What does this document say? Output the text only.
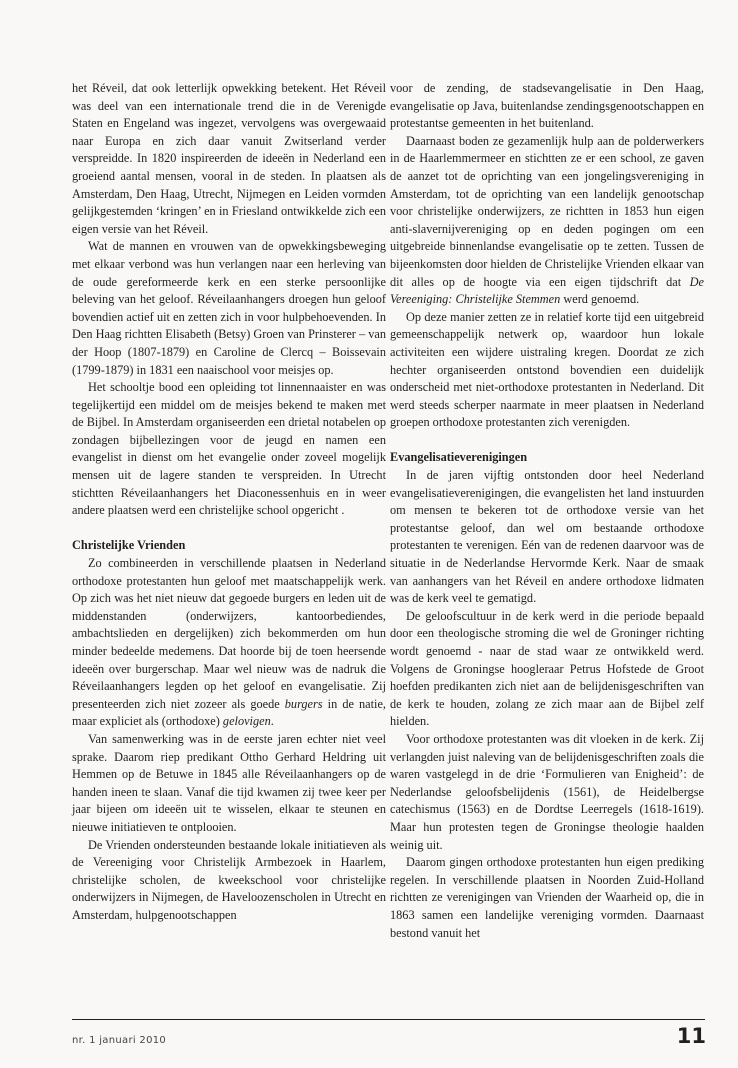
het Réveil, dat ook letterlijk opwekking betekent. Het Réveil was deel van een internationale trend die in de Verenigde Staten en Engeland was ingezet, vervolgens was overgewaaid naar Europa en zich daar vanuit Zwitserland verder verspreidde. In 1820 inspireerden de ideeën in Nederland een groeiend aantal mensen, vooral in de steden. In plaatsen als Amsterdam, Den Haag, Utrecht, Nijmegen en Leiden vormden gelijkgestemden ‘kringen’ en in Friesland ontwikkelde zich een eigen versie van het Réveil.

Wat de mannen en vrouwen van de opwekkingsbeweging met elkaar verbond was hun verlangen naar een herleving van de oude gereformeerde kerk en een sterke persoonlijke beleving van het geloof. Réveilaanhangers droegen hun geloof bovendien actief uit en zetten zich in voor hulpbehoevenden. In Den Haag richtten Elisabeth (Betsy) Groen van Prinsterer – van der Hoop (1807-1879) en Caroline de Clercq – Boissevain (1799-1879) in 1831 een naaischool voor meisjes op.

Het schooltje bood een opleiding tot linnennaaister en was tegelijkertijd een middel om de meisjes bekend te maken met de Bijbel. In Amsterdam organiseerden een drietal notabelen op zondagen bijbellezingen voor de jeugd en namen een evangelist in dienst om het evangelie onder zoveel mogelijk mensen uit de lagere standen te verspreiden. In Utrecht stichtten Réveilaanhangers het Diaconessenhuis en in weer andere plaatsen werd een christelijke school opgericht .

Christelijke Vrienden

Zo combineerden in verschillende plaatsen in Nederland orthodoxe protestanten hun geloof met maatschappelijk werk. Op zich was het niet nieuw dat gegoede burgers en leden uit de middenstanden (onderwijzers, kantoorbediendes, ambachtslieden en dergelijken) zich bekommerden om hun minder bedeelde medemens. Dat hoorde bij de toen heersende ideeën over burgerschap. Maar wel nieuw was de nadruk die Réveilaanhangers legden op het geloof en evangelisatie. Zij presenteerden zich niet zozeer als goede burgers in de natie, maar expliciet als (orthodoxe) gelovigen.

Van samenwerking was in de eerste jaren echter niet veel sprake. Daarom riep predikant Ottho Gerhard Heldring uit Hemmen op de Betuwe in 1845 alle Réveilaanhangers op de handen ineen te slaan. Vanaf die tijd kwamen zij twee keer per jaar bijeen om ideeën uit te wisselen, elkaar te steunen en nieuwe initiatieven te ontplooien.

De Vrienden ondersteunden bestaande lokale initiatieven als de Vereeniging voor Christelijk Armbezoek in Haarlem, christelijke scholen, de kweekschool voor christelijke onderwijzers in Nijmegen, de Haveloozenscholen in Utrecht en Amsterdam, hulpgenootschappen

voor de zending, de stadsevangelisatie in Den Haag, evangelisatie op Java, buitenlandse zendingsgenootschappen en protestantse gemeenten in het buitenland.

Daarnaast boden ze gezamenlijk hulp aan de polderwerkers in de Haarlemmermeer en stichtten ze er een school, ze gaven de aanzet tot de oprichting van een jongelingsvereniging in Amsterdam, tot de oprichting van een landelijk genootschap voor christelijke onderwijzers, ze richtten in 1853 hun eigen anti-slavernijvereniging op en deden pogingen om een uitgebreide binnenlandse evangelisatie op te zetten. Tussen de bijeenkomsten door hielden de Christelijke Vrienden elkaar van dit alles op de hoogte via een eigen tijdschrift dat De Vereeniging: Christelijke Stemmen werd genoemd.

Op deze manier zetten ze in relatief korte tijd een uitgebreid gemeenschappelijk netwerk op, waardoor hun lokale activiteiten een wijdere uistraling kregen. Doordat ze zich hechter organiseerden ontstond bovendien een duidelijk onderscheid met niet-orthodoxe protestanten in Nederland. Dit werd steeds scherper naarmate in meer plaatsen in Nederland groepen orthodoxe protestanten zich verenigden.

Evangelisatieverenigingen

In de jaren vijftig ontstonden door heel Nederland evangelisatieverenigingen, die evangelisten het land instuurden om mensen te bekeren tot de orthodoxe versie van het protestantse geloof, dan wel om bestaande orthodoxe protestanten te verenigen. Eén van de redenen daarvoor was de situatie in de Nederlandse Hervormde Kerk. Naar de smaak van aanhangers van het Réveil en andere orthodoxe lidmaten was de kerk veel te gematigd.

De geloofscultuur in de kerk werd in die periode bepaald door een theologische stroming die wel de Groninger richting wordt genoemd - naar de stad waar ze ontwikkeld werd. Volgens de Groningse hoogleraar Petrus Hofstede de Groot hoefden predikanten zich niet aan de belijdenisgeschriften van de kerk te houden, zolang ze zich maar aan de Bijbel zelf hielden.

Voor orthodoxe protestanten was dit vloeken in de kerk. Zij verlangden juist naleving van de belijdenisgeschriften zoals die waren vastgelegd in de drie ‘Formulieren van Enigheid’: de Nederlandse geloofsbelijdenis (1561), de Heidelbergse catechismus (1563) en de Dordtse Leerregels (1618-1619). Maar hun protesten tegen de Groningse theologie haalden weinig uit.

Daarom gingen orthodoxe protestanten hun eigen prediking regelen. In verschillende plaatsen in Noorden Zuid-Holland richtten ze verenigingen van Vrienden der Waarheid op, die in 1863 samen een landelijke vereniging vormden. Daarnaast bestond vanuit het

nr. 1 januari 2010	11
